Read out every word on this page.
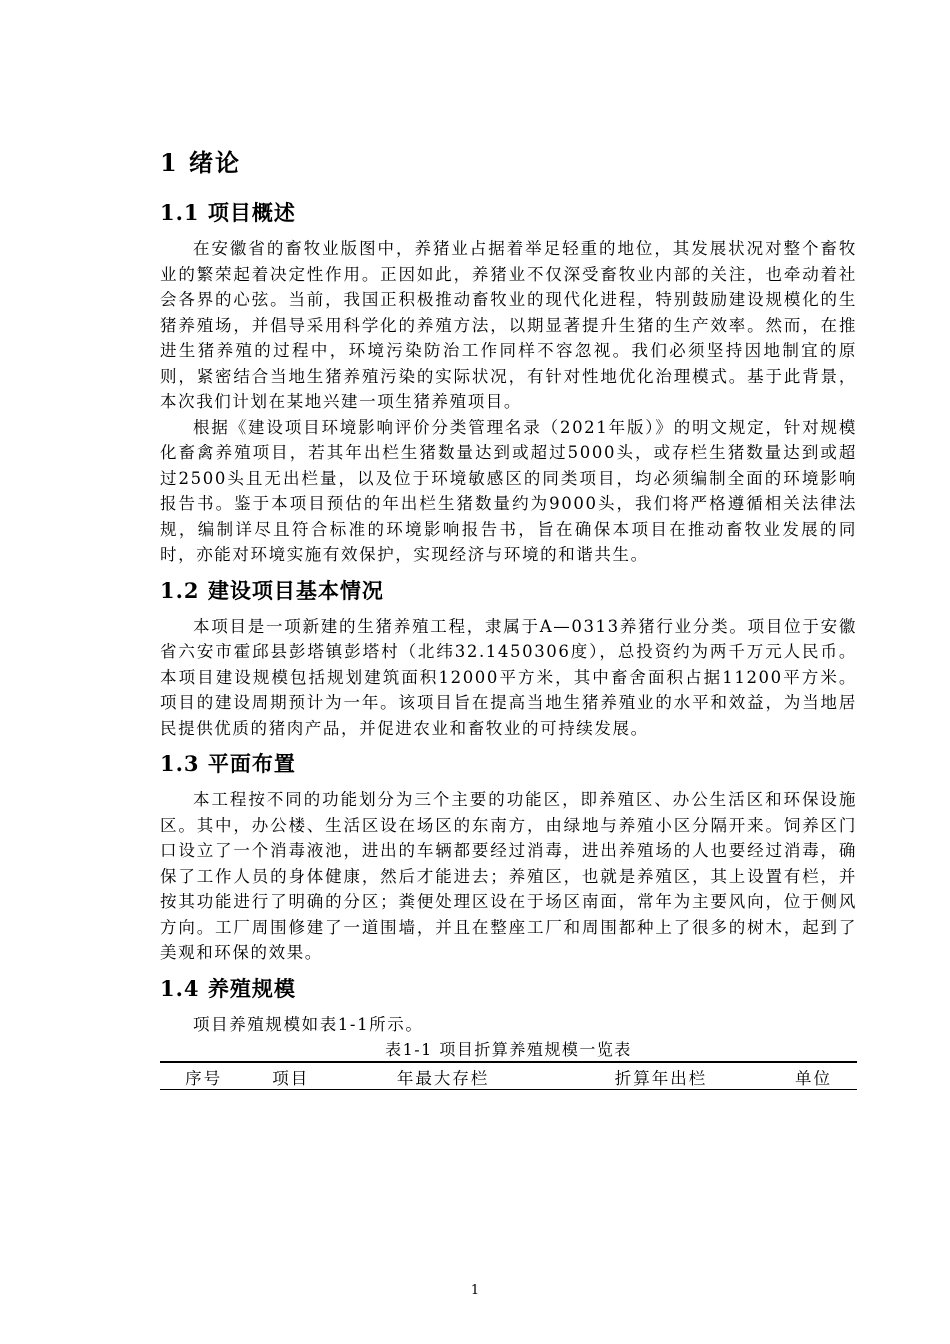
1 绪论
1.1 项目概述

在安徽省的畜牧业版图中，养猪业占据着举足轻重的地位，其发展状况对整个畜牧业的繁荣起着决定性作用。正因如此，养猪业不仅深受畜牧业内部的关注，也牵动着社会各界的心弦。当前，我国正积极推动畜牧业的现代化进程，特别鼓励建设规模化的生猪养殖场，并倡导采用科学化的养殖方法，以期显著提升生猪的生产效率。然而，在推进生猪养殖的过程中，环境污染防治工作同样不容忽视。我们必须坚持因地制宜的原则，紧密结合当地生猪养殖污染的实际状况，有针对性地优化治理模式。基于此背景，本次我们计划在某地兴建一项生猪养殖项目。

根据《建设项目环境影响评价分类管理名录（2021年版）》的明文规定，针对规模化畜禽养殖项目，若其年出栏生猪数量达到或超过5000头，或存栏生猪数量达到或超过2500头且无出栏量，以及位于环境敏感区的同类项目，均必须编制全面的环境影响报告书。鉴于本项目预估的年出栏生猪数量约为9000头，我们将严格遵循相关法律法规，编制详尽且符合标准的环境影响报告书，旨在确保本项目在推动畜牧业发展的同时，亦能对环境实施有效保护，实现经济与环境的和谐共生。

1.2 建设项目基本情况

本项目是一项新建的生猪养殖工程，隶属于A—0313养猪行业分类。项目位于安徽省六安市霍邱县彭塔镇彭塔村（北纬32.1450306度），总投资约为两千万元人民币。本项目建设规模包括规划建筑面积12000平方米，其中畜舍面积占据11200平方米。项目的建设周期预计为一年。该项目旨在提高当地生猪养殖业的水平和效益，为当地居民提供优质的猪肉产品，并促进农业和畜牧业的可持续发展。

1.3 平面布置

本工程按不同的功能划分为三个主要的功能区，即养殖区、办公生活区和环保设施区。其中，办公楼、生活区设在场区的东南方，由绿地与养殖小区分隔开来。饲养区门口设立了一个消毒液池，进出的车辆都要经过消毒，进出养殖场的人也要经过消毒，确保了工作人员的身体健康，然后才能进去；养殖区，也就是养殖区，其上设置有栏，并按其功能进行了明确的分区；粪便处理区设在于场区南面，常年为主要风向，位于侧风方向。工厂周围修建了一道围墙，并且在整座工厂和周围都种上了很多的树木，起到了美观和环保的效果。

1.4 养殖规模

项目养殖规模如表1-1所示。

表1-1 项目折算养殖规模一览表
序号	项目	年最大存栏	折算年出栏	单位
1
